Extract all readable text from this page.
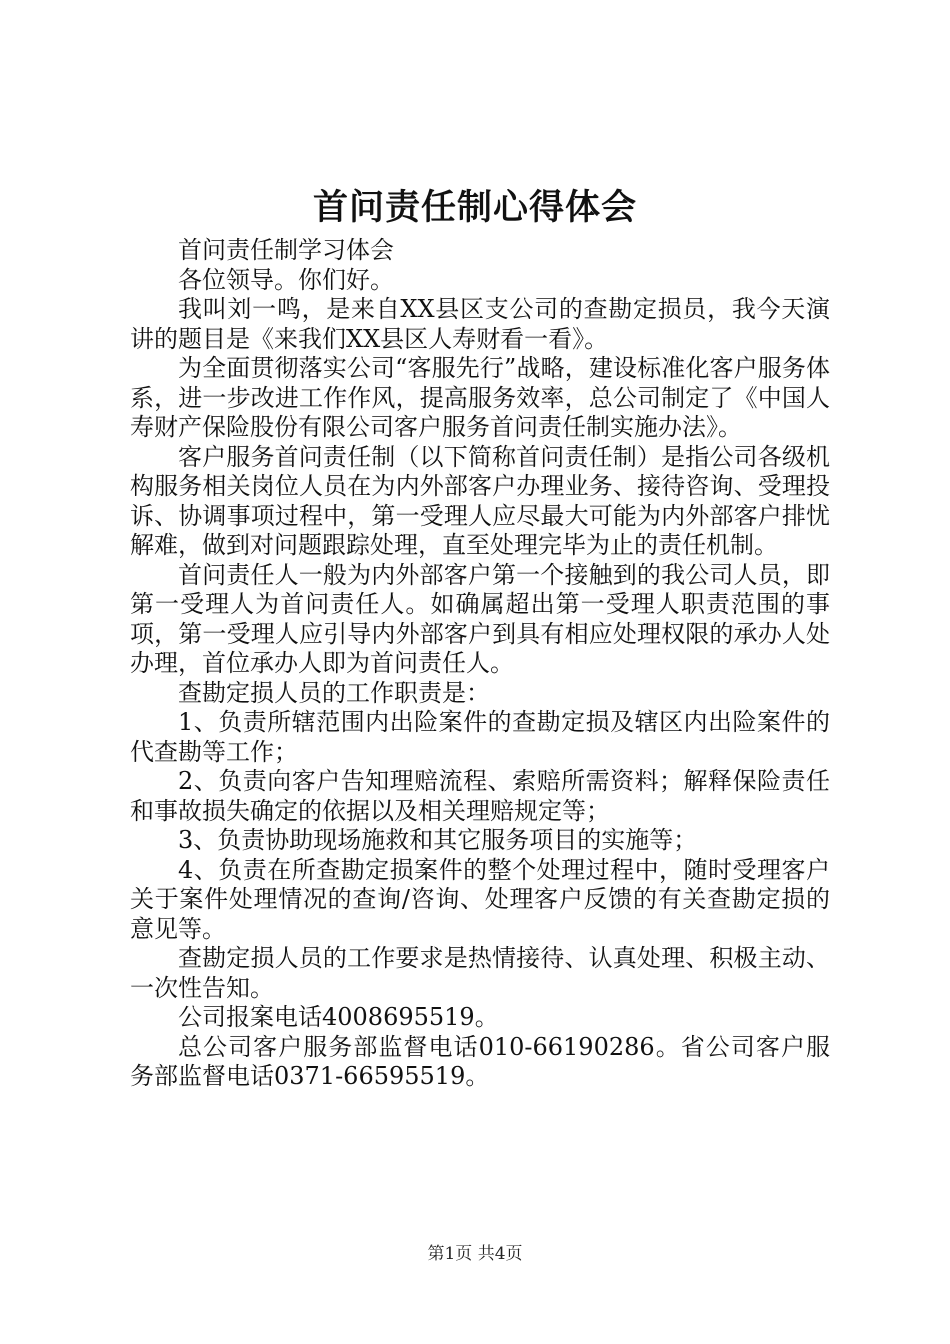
首问责任制心得体会

首问责任制学习体会

各位领导。你们好。

我叫刘一鸣，是来自XX县区支公司的查勘定损员，我今天演讲的题目是《来我们XX县区人寿财看一看》。

为全面贯彻落实公司“客服先行”战略，建设标准化客户服务体系，进一步改进工作作风，提高服务效率，总公司制定了《中国人寿财产保险股份有限公司客户服务首问责任制实施办法》。

客户服务首问责任制（以下简称首问责任制）是指公司各级机构服务相关岗位人员在为内外部客户办理业务、接待咨询、受理投诉、协调事项过程中，第一受理人应尽最大可能为内外部客户排忧解难，做到对问题跟踪处理，直至处理完毕为止的责任机制。

首问责任人一般为内外部客户第一个接触到的我公司人员，即第一受理人为首问责任人。如确属超出第一受理人职责范围的事项，第一受理人应引导内外部客户到具有相应处理权限的承办人处办理，首位承办人即为首问责任人。

查勘定损人员的工作职责是：

1、负责所辖范围内出险案件的查勘定损及辖区内出险案件的代查勘等工作；

2、负责向客户告知理赔流程、索赔所需资料；解释保险责任和事故损失确定的依据以及相关理赔规定等；

3、负责协助现场施救和其它服务项目的实施等；

4、负责在所查勘定损案件的整个处理过程中，随时受理客户关于案件处理情况的查询/咨询、处理客户反馈的有关查勘定损的意见等。

查勘定损人员的工作要求是热情接待、认真处理、积极主动、一次性告知。

公司报案电话4008695519。

总公司客户服务部监督电话010-66190286。省公司客户服务部监督电话0371-66595519。

第1页 共4页
